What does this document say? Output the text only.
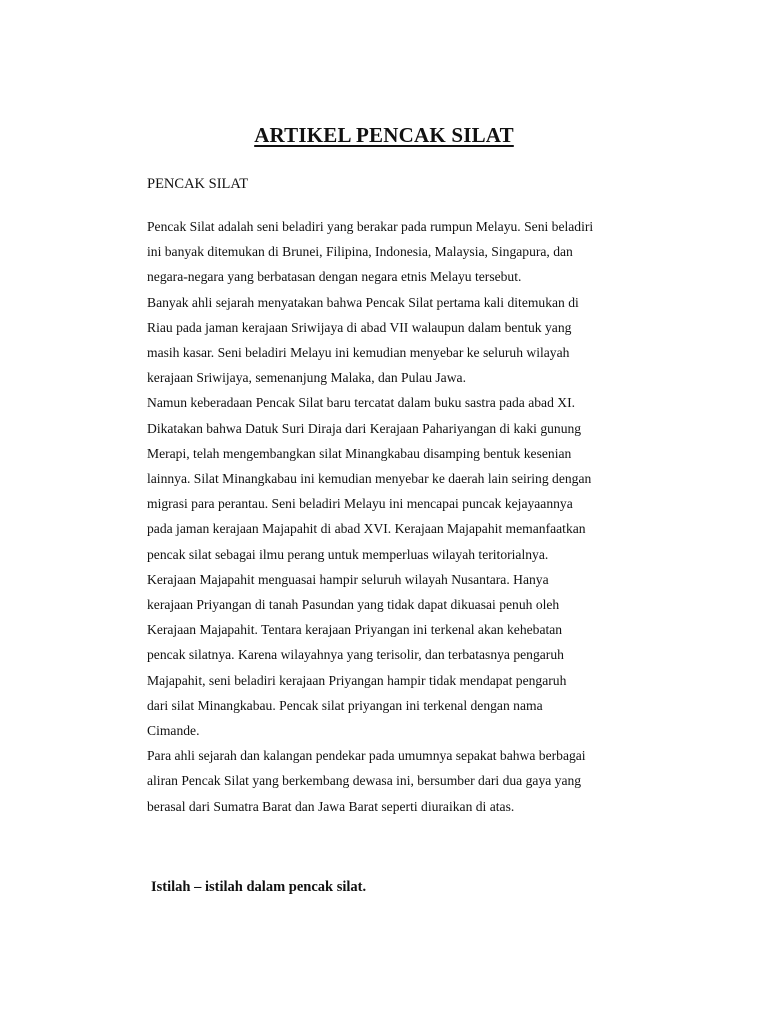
ARTIKEL PENCAK SILAT
PENCAK SILAT

Pencak Silat adalah seni beladiri yang berakar pada rumpun Melayu. Seni beladiri
ini banyak ditemukan di Brunei, Filipina, Indonesia, Malaysia, Singapura, dan
negara-negara yang berbatasan dengan negara etnis Melayu tersebut.
Banyak ahli sejarah menyatakan bahwa Pencak Silat pertama kali ditemukan di
Riau pada jaman kerajaan Sriwijaya di abad VII walaupun dalam bentuk yang
masih kasar. Seni beladiri Melayu ini kemudian menyebar ke seluruh wilayah
kerajaan Sriwijaya, semenanjung Malaka, dan Pulau Jawa.
Namun keberadaan Pencak Silat baru tercatat dalam buku sastra pada abad XI.
Dikatakan bahwa Datuk Suri Diraja dari Kerajaan Pahariyangan di kaki gunung
Merapi, telah mengembangkan silat Minangkabau disamping bentuk kesenian
lainnya. Silat Minangkabau ini kemudian menyebar ke daerah lain seiring dengan
migrasi para perantau. Seni beladiri Melayu ini mencapai puncak kejayaannya
pada jaman kerajaan Majapahit di abad XVI. Kerajaan Majapahit memanfaatkan
pencak silat sebagai ilmu perang untuk memperluas wilayah teritorialnya.
Kerajaan Majapahit menguasai hampir seluruh wilayah Nusantara. Hanya
kerajaan Priyangan di tanah Pasundan yang tidak dapat dikuasai penuh oleh
Kerajaan Majapahit. Tentara kerajaan Priyangan ini terkenal akan kehebatan
pencak silatnya. Karena wilayahnya yang terisolir, dan terbatasnya pengaruh
Majapahit, seni beladiri kerajaan Priyangan hampir tidak mendapat pengaruh
dari silat Minangkabau. Pencak silat priyangan ini terkenal dengan nama
Cimande.
Para ahli sejarah dan kalangan pendekar pada umumnya sepakat bahwa berbagai
aliran Pencak Silat yang berkembang dewasa ini, bersumber dari dua gaya yang
berasal dari Sumatra Barat dan Jawa Barat seperti diuraikan di atas.

Istilah – istilah dalam pencak silat.
